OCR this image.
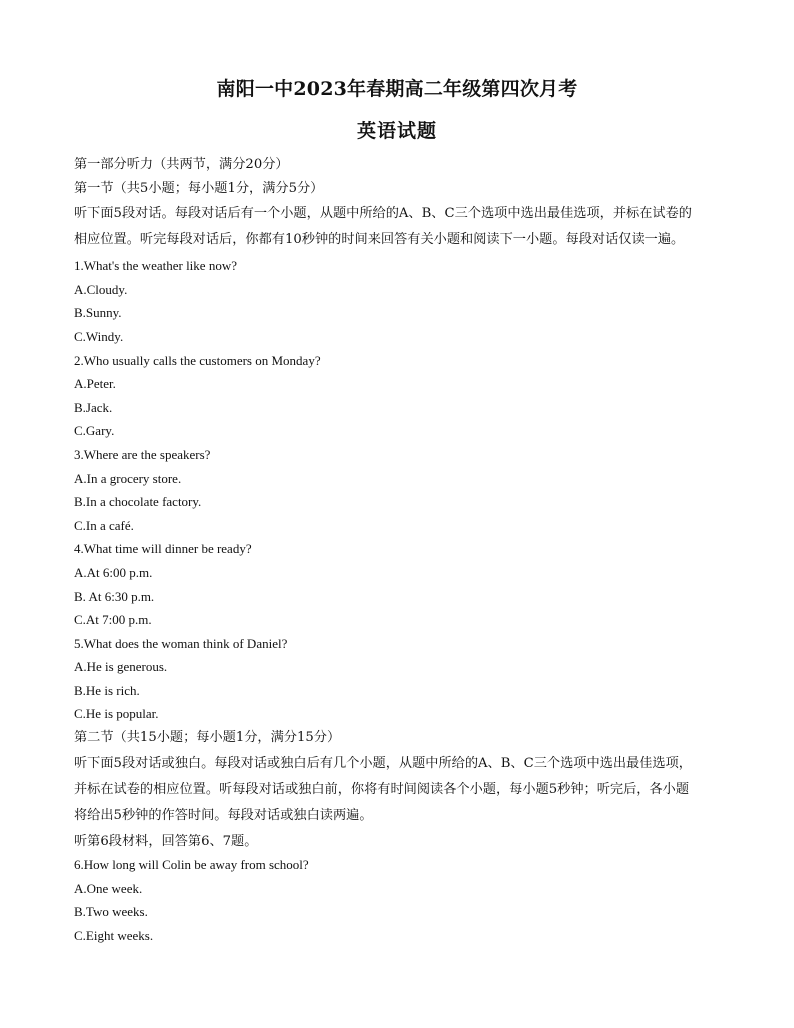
南阳一中2023年春期高二年级第四次月考
英语试题
第一部分听力（共两节，满分20分）
第一节（共5小题；每小题1分，满分5分）
听下面5段对话。每段对话后有一个小题，从题中所给的A、B、C三个选项中选出最佳选项，并标在试卷的
相应位置。听完每段对话后，你都有10秒钟的时间来回答有关小题和阅读下一小题。每段对话仅读一遍。
1.What's the weather like now?
A.Cloudy.
B.Sunny.
C.Windy.
2.Who usually calls the customers on Monday?
A.Peter.
B.Jack.
C.Gary.
3.Where are the speakers?
A.In a grocery store.
B.In a chocolate factory.
C.In a café.
4.What time will dinner be ready?
A.At 6:00 p.m.
B. At 6:30 p.m.
C.At 7:00 p.m.
5.What does the woman think of Daniel?
A.He is generous.
B.He is rich.
C.He is popular.
第二节（共15小题；每小题1分，满分15分）
听下面5段对话或独白。每段对话或独白后有几个小题，从题中所给的A、B、C三个选项中选出最佳选项，
并标在试卷的相应位置。听每段对话或独白前，你将有时间阅读各个小题，每小题5秒钟；听完后，各小题
将给出5秒钟的作答时间。每段对话或独白读两遍。
听第6段材料，回答第6、7题。
6.How long will Colin be away from school?
A.One week.
B.Two weeks.
C.Eight weeks.
